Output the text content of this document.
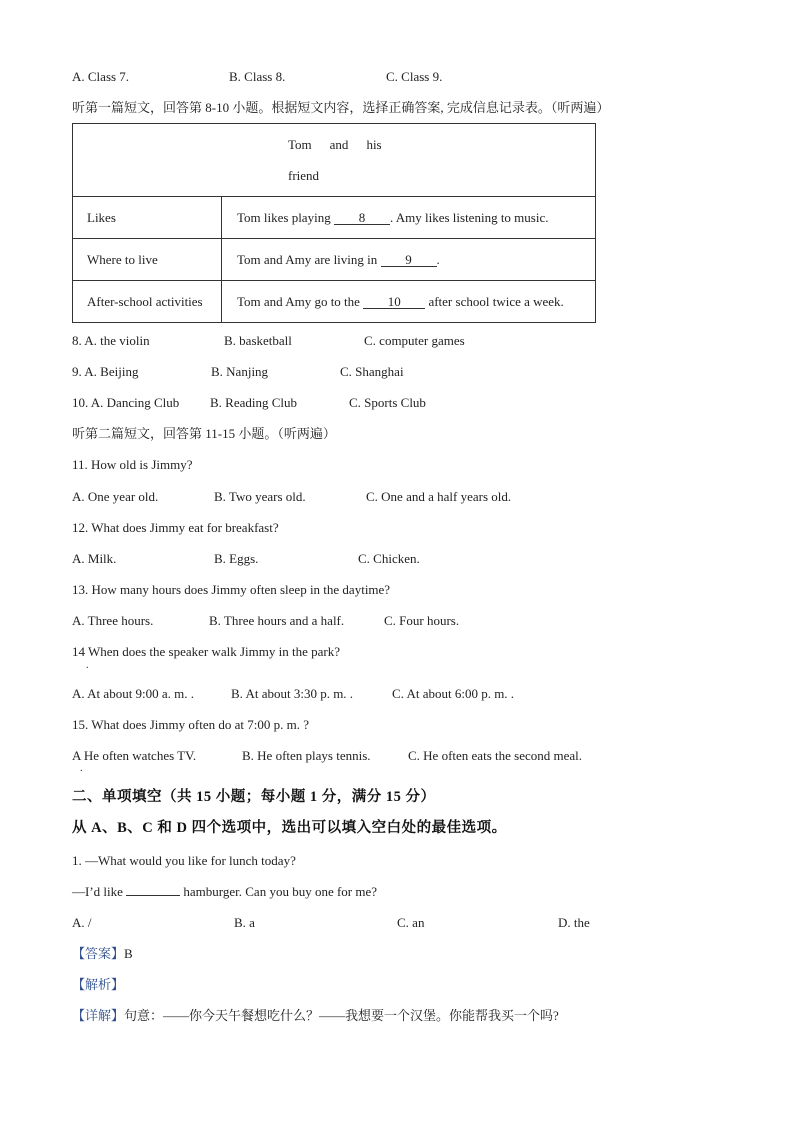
A. Class 7.	B. Class 8.	C. Class 9.
听第一篇短文，回答第 8-10 小题。根据短文内容，选择正确答案, 完成信息记录表。（听两遍）
Tom and his
friend	

Likes	Tom likes playing 8 . Amy likes listening to music.
Where to live	Tom and Amy are living in 9 .
After-school activities	Tom and Amy go to the 10 after school twice a week.
8. A. the violin	B. basketball	C. computer games
9. A. Beijing	B. Nanjing	C. Shanghai
10. A. Dancing Club B. Reading Club	C. Sports Club
听第二篇短文，回答第 11-15 小题。（听两遍）
11. How old is Jimmy?
A. One year old.	B. Two years old.	C. One and a half years old.
12. What does Jimmy eat for breakfast?
A. Milk.	B. Eggs.	C. Chicken.
13. How many hours does Jimmy often sleep in the daytime?
A. Three hours.	B. Three hours and a half.	C. Four hours.
14 When does the speaker walk Jimmy in the park?
.
A. At about 9:00 a. m. .	B. At about 3:30 p. m. .	C. At about 6:00 p. m. .
15. What does Jimmy often do at 7:00 p. m. ?
A He often watches TV.
.
B. He often plays tennis.	C. He often eats the second meal.
二、单项填空（共 15 小题；每小题 1 分，满分 15 分）
从 A、B、C 和 D 四个选项中，选出可以填入空白处的最佳选项。
1. —What would you like for lunch today?
—I’d like	hamburger. Can you buy one for me?
A. /	B. a	C. an	D. the
【答案】B
【解析】
【详解】句意：——你今天午餐想吃什么？——我想要一个汉堡。你能帮我买一个吗?
